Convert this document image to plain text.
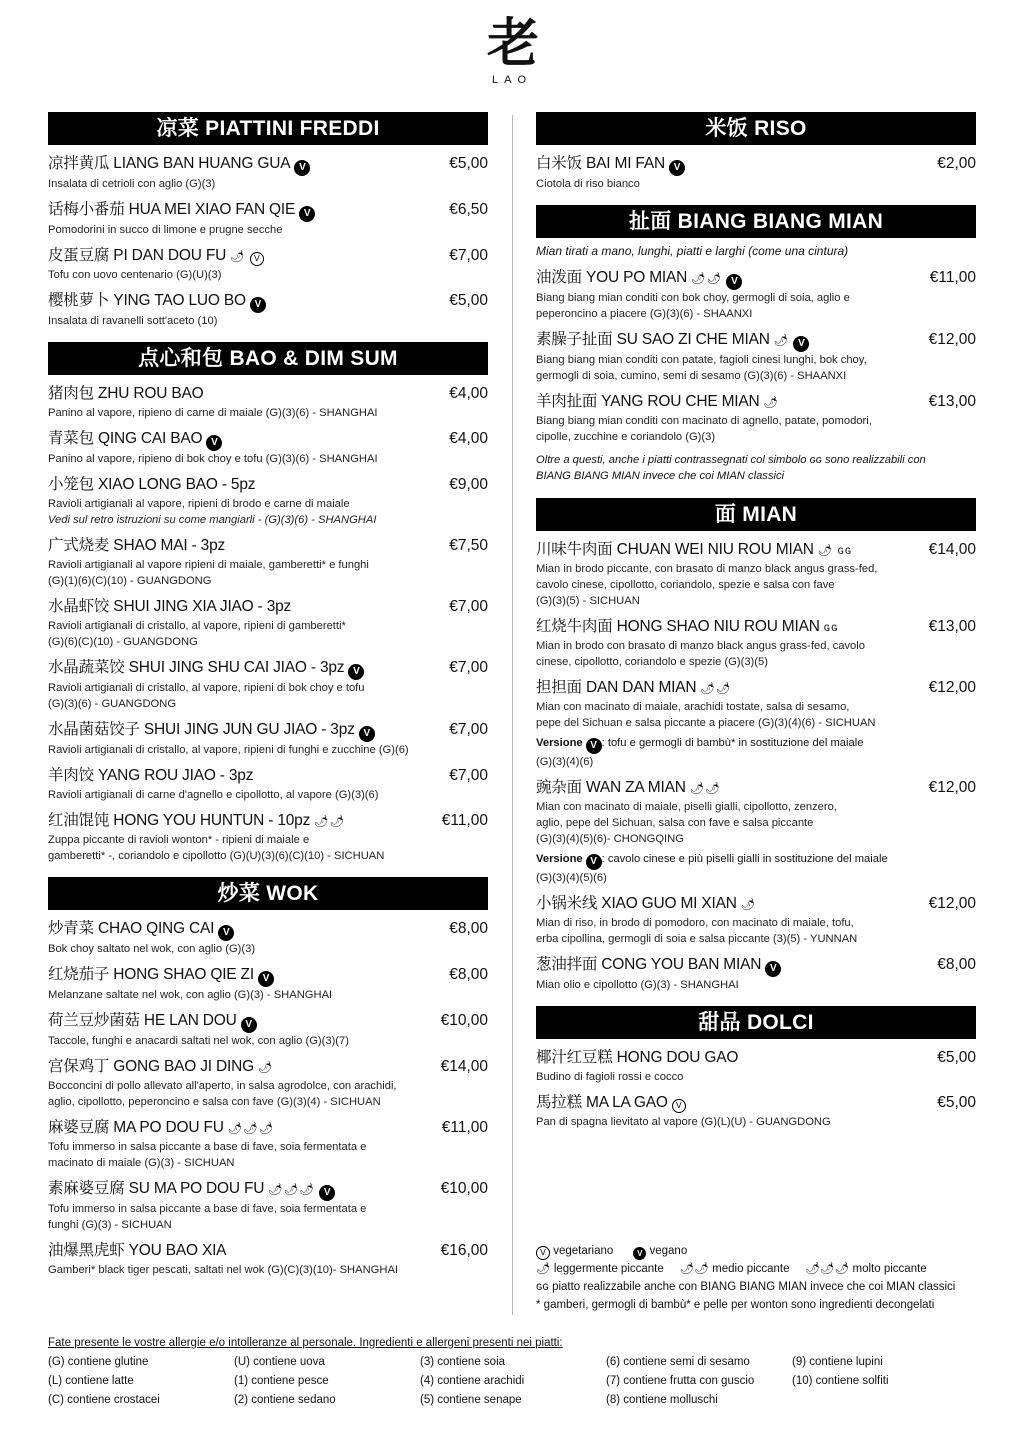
老
LAO
凉菜 PIATTINI FREDDI
凉拌黄瓜 LIANG BAN HUANG GUA V	€5,00
Insalata di cetrioli con aglio (G)(3)
话梅小番茄 HUA MEI XIAO FAN QIE V	€6,50
Pomodorini in succo di limone e prugne secche
皮蛋豆腐 PI DAN DOU FU 🌶 V	€7,00
Tofu con uovo centenario (G)(U)(3)
樱桃萝卜 YING TAO LUO BO V	€5,00
Insalata di ravanelli sott'aceto (10)
点心和包 BAO & DIM SUM
猪肉包 ZHU ROU BAO	€4,00
Panino al vapore, ripieno di carne di maiale (G)(3)(6) - SHANGHAI
青菜包 QING CAI BAO V	€4,00
Panino al vapore, ripieno di bok choy e tofu (G)(3)(6) - SHANGHAI
小笼包 XIAO LONG BAO - 5pz	€9,00
Ravioli artigianali al vapore, ripieni di brodo e carne di maiale
Vedi sul retro istruzioni su come mangiarli - (G)(3)(6) - SHANGHAI
广式烧麦 SHAO MAI - 3pz	€7,50
Ravioli artigianali al vapore ripieni di maiale, gamberetti* e funghi
(G)(1)(6)(C)(10) - GUANGDONG
水晶虾饺 SHUI JING XIA JIAO - 3pz	€7,00
Ravioli artigianali di cristallo, al vapore, ripieni di gamberetti*
(G)(6)(C)(10) - GUANGDONG
水晶蔬菜饺 SHUI JING SHU CAI JIAO - 3pz V	€7,00
Ravioli artigianali di cristallo, al vapore, ripieni di bok choy e tofu
(G)(3)(6) - GUANGDONG
水晶菌菇饺子 SHUI JING JUN GU JIAO - 3pz V	€7,00
Ravioli artigianali di cristallo, al vapore, ripieni di funghi e zucchine (G)(6)
羊肉饺 YANG ROU JIAO - 3pz	€7,00
Ravioli artigianali di carne d'agnello e cipollotto, al vapore (G)(3)(6)
红油馄饨 HONG YOU HUNTUN - 10pz 🌶🌶	€11,00
Zuppa piccante di ravioli wonton* - ripieni di maiale e
gamberetti* -, coriandolo e cipollotto (G)(U)(3)(6)(C)(10) - SICHUAN
炒菜 WOK
炒青菜 CHAO QING CAI V	€8,00
Bok choy saltato nel wok, con aglio (G)(3)
红烧茄子 HONG SHAO QIE ZI V	€8,00
Melanzane saltate nel wok, con aglio (G)(3) - SHANGHAI
荷兰豆炒菌菇 HE LAN DOU V	€10,00
Taccole, funghi e anacardi saltati nel wok, con aglio (G)(3)(7)
宫保鸡丁 GONG BAO JI DING 🌶	€14,00
Bocconcini di pollo allevato all'aperto, in salsa agrodolce, con arachidi,
aglio, cipollotto, peperoncino e salsa con fave (G)(3)(4) - SICHUAN
麻婆豆腐 MA PO DOU FU 🌶🌶🌶	€11,00
Tofu immerso in salsa piccante a base di fave, soia fermentata e
macinato di maiale (G)(3) - SICHUAN
素麻婆豆腐 SU MA PO DOU FU 🌶🌶🌶 V	€10,00
Tofu immerso in salsa piccante a base di fave, soia fermentata e
funghi (G)(3) - SICHUAN
油爆黑虎虾 YOU BAO XIA	€16,00
Gamberi* black tiger pescati, saltati nel wok (G)(C)(3)(10)- SHANGHAI
米饭 RISO
白米饭 BAI MI FAN V	€2,00
Ciotola di riso bianco
扯面 BIANG BIANG MIAN
Mian tirati a mano, lunghi, piatti e larghi (come una cintura)
油泼面 YOU PO MIAN 🌶🌶 V	€11,00
Biang biang mian conditi con bok choy, germogli di soia, aglio e
peperoncino a piacere (G)(3)(6) - SHAANXI
素臊子扯面 SU SAO ZI CHE MIAN 🌶 V	€12,00
Biang biang mian conditi con patate, fagioli cinesi lunghi, bok choy,
germogli di soia, cumino, semi di sesamo (G)(3)(6) - SHAANXI
羊肉扯面 YANG ROU CHE MIAN 🌶	€13,00
Biang biang mian conditi con macinato di agnello, patate, pomodori,
cipolle, zucchine e coriandolo (G)(3)
Oltre a questi, anche i piatti contrassegnati col simbolo ɢɢ sono realizzabili con
BIANG BIANG MIAN invece che coi MIAN classici
面 MIAN
川味牛肉面 CHUAN WEI NIU ROU MIAN 🌶 ɢɢ	€14,00
Mian in brodo piccante, con brasato di manzo black angus grass-fed,
cavolo cinese, cipollotto, coriandolo, spezie e salsa con fave
(G)(3)(5) - SICHUAN
红烧牛肉面 HONG SHAO NIU ROU MIAN ɢɢ	€13,00
Mian in brodo con brasato di manzo black angus grass-fed, cavolo
cinese, cipollotto, coriandolo e spezie (G)(3)(5)
担担面 DAN DAN MIAN 🌶🌶	€12,00
Mian con macinato di maiale, arachidi tostate, salsa di sesamo,
pepe del Sichuan e salsa piccante a piacere (G)(3)(4)(6) - SICHUAN
Versione V : tofu e germogli di bambù* in sostituzione del maiale
(G)(3)(4)(6)
豌杂面 WAN ZA MIAN 🌶🌶	€12,00
Mian con macinato di maiale, piselli gialli, cipollotto, zenzero,
aglio, pepe del Sichuan, salsa con fave e salsa piccante
(G)(3)(4)(5)(6)- CHONGQING
Versione V : cavolo cinese e più piselli gialli in sostituzione del maiale
(G)(3)(4)(5)(6)
小锅米线 XIAO GUO MI XIAN 🌶	€12,00
Mian di riso, in brodo di pomodoro, con macinato di maiale, tofu,
erba cipollina, germogli di soia e salsa piccante (3)(5) - YUNNAN
葱油拌面 CONG YOU BAN MIAN V	€8,00
Mian olio e cipollotto (G)(3) - SHANGHAI
甜品 DOLCI
椰汁红豆糕 HONG DOU GAO	€5,00
Budino di fagioli rossi e cocco
馬拉糕 MA LA GAO V	€5,00
Pan di spagna lievitato al vapore (G)(L)(U) - GUANGDONG
V vegetariano	V vegano
🌶 leggermente piccante 🌶🌶 medio piccante 🌶🌶🌶 molto piccante
ɢɢ piatto realizzabile anche con BIANG BIANG MIAN invece che coi MIAN classici
* gamberi, germogli di bambù* e pelle per wonton sono ingredienti decongelati
Fate presente le vostre allergie e/o intolleranze al personale. Ingredienti e allergeni presenti nei piatti:
(G) contiene glutine	(U) contiene uova	(3) contiene soia	(6) contiene semi di sesamo	(9) contiene lupini
(L) contiene latte	(1) contiene pesce	(4) contiene arachidi	(7) contiene frutta con guscio	(10) contiene solfiti
(C) contiene crostacei	(2) contiene sedano	(5) contiene senape	(8) contiene molluschi
